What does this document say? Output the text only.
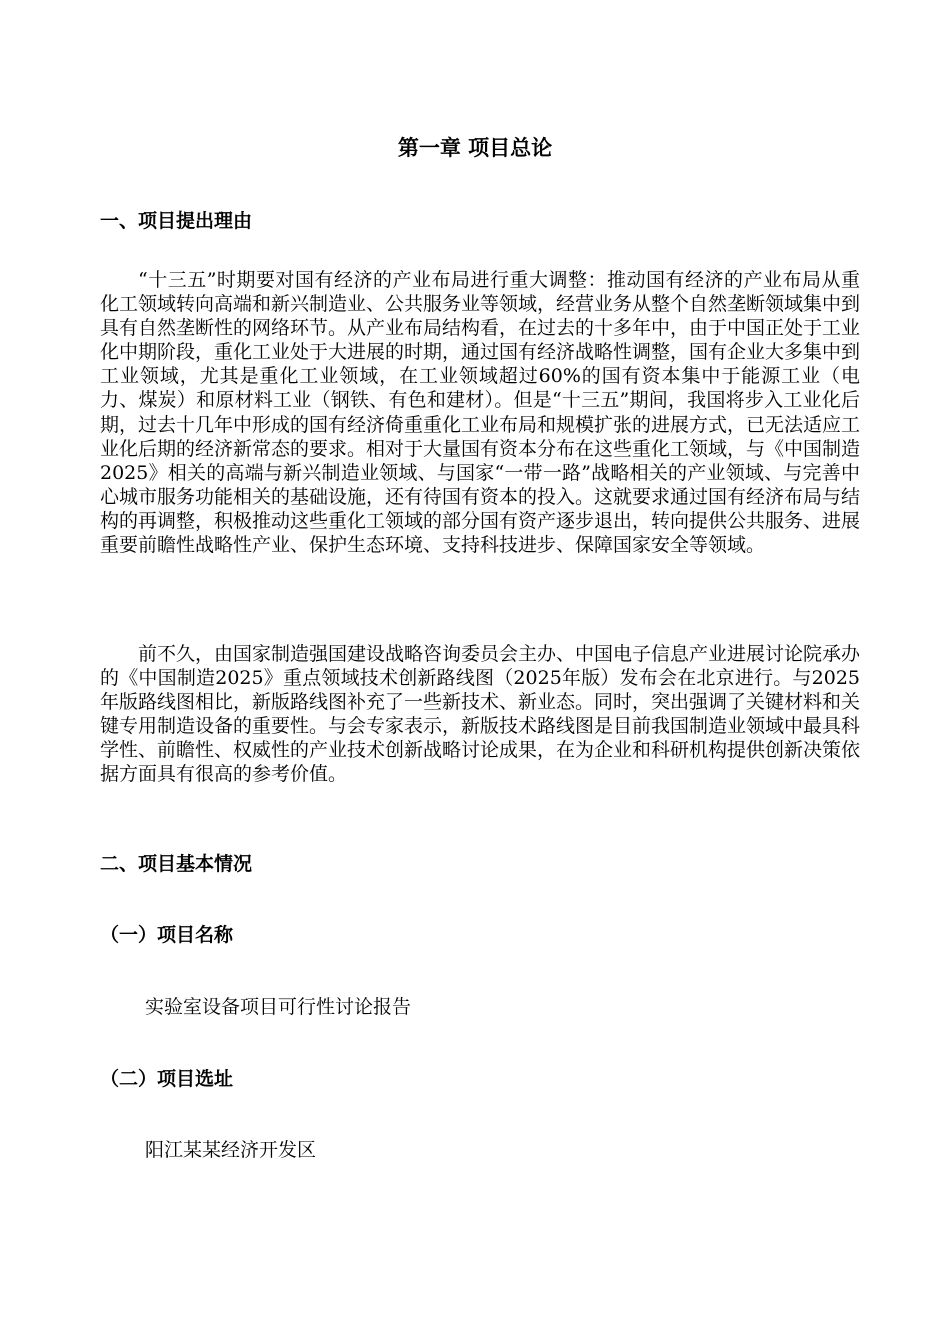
第一章 项目总论
一、项目提出理由
“十三五”时期要对国有经济的产业布局进行重大调整：推动国有经济的产业布局从重化工领域转向高端和新兴制造业、公共服务业等领域，经营业务从整个自然垄断领域集中到具有自然垄断性的网络环节。从产业布局结构看，在过去的十多年中，由于中国正处于工业化中期阶段，重化工业处于大进展的时期，通过国有经济战略性调整，国有企业大多集中到工业领域，尤其是重化工业领域，在工业领域超过60%的国有资本集中于能源工业（电力、煤炭）和原材料工业（钢铁、有色和建材）。但是“十三五”期间，我国将步入工业化后期，过去十几年中形成的国有经济倚重重化工业布局和规模扩张的进展方式，已无法适应工业化后期的经济新常态的要求。相对于大量国有资本分布在这些重化工领域，与《中国制造2025》相关的高端与新兴制造业领域、与国家“一带一路”战略相关的产业领域、与完善中心城市服务功能相关的基础设施，还有待国有资本的投入。这就要求通过国有经济布局与结构的再调整，积极推动这些重化工领域的部分国有资产逐步退出，转向提供公共服务、进展重要前瞻性战略性产业、保护生态环境、支持科技进步、保障国家安全等领域。
前不久，由国家制造强国建设战略咨询委员会主办、中国电子信息产业进展讨论院承办的《中国制造2025》重点领域技术创新路线图（2025年版）发布会在北京进行。与2025年版路线图相比，新版路线图补充了一些新技术、新业态。同时，突出强调了关键材料和关键专用制造设备的重要性。与会专家表示，新版技术路线图是目前我国制造业领域中最具科学性、前瞻性、权威性的产业技术创新战略讨论成果，在为企业和科研机构提供创新决策依据方面具有很高的参考价值。
二、项目基本情况
（一）项目名称
实验室设备项目可行性讨论报告
（二）项目选址
阳江某某经济开发区
